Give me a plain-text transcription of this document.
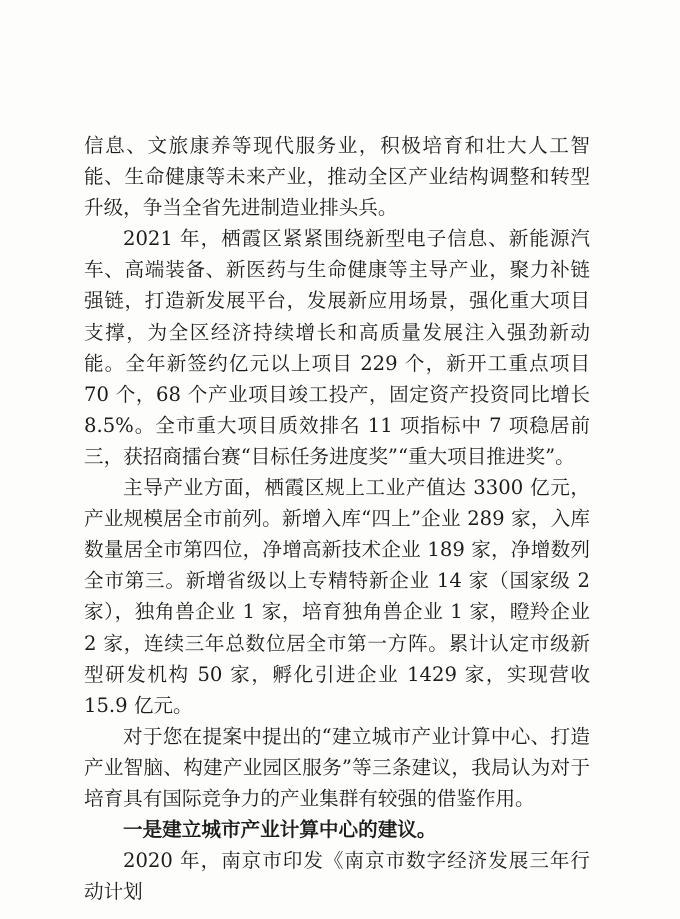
信息、文旅康养等现代服务业，积极培育和壮大人工智能、生命健康等未来产业，推动全区产业结构调整和转型升级，争当全省先进制造业排头兵。

2021 年，栖霞区紧紧围绕新型电子信息、新能源汽车、高端装备、新医药与生命健康等主导产业，聚力补链强链，打造新发展平台，发展新应用场景，强化重大项目支撑，为全区经济持续增长和高质量发展注入强劲新动能。全年新签约亿元以上项目 229 个，新开工重点项目 70 个，68 个产业项目竣工投产，固定资产投资同比增长 8.5%。全市重大项目质效排名 11 项指标中 7 项稳居前三，获招商擂台赛“目标任务进度奖”“重大项目推进奖”。

主导产业方面，栖霞区规上工业产值达 3300 亿元，产业规模居全市前列。新增入库“四上”企业 289 家，入库数量居全市第四位，净增高新技术企业 189 家，净增数列全市第三。新增省级以上专精特新企业 14 家（国家级 2 家），独角兽企业 1 家，培育独角兽企业 1 家，瞪羚企业 2 家，连续三年总数位居全市第一方阵。累计认定市级新型研发机构 50 家，孵化引进企业 1429 家，实现营收 15.9 亿元。

对于您在提案中提出的“建立城市产业计算中心、打造产业智脑、构建产业园区服务”等三条建议，我局认为对于培育具有国际竞争力的产业集群有较强的借鉴作用。

一是建立城市产业计算中心的建议。

2020 年，南京市印发《南京市数字经济发展三年行动计划
